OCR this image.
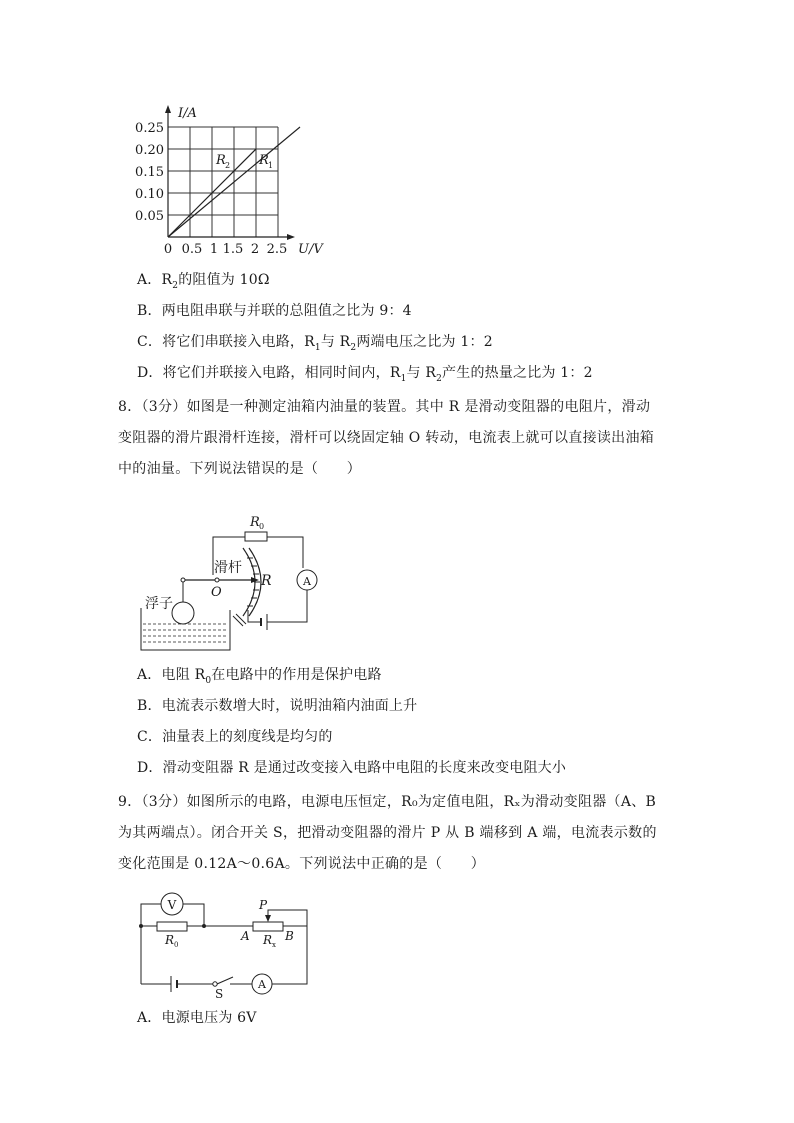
I/A
U/V
0.25
0.20
0.15
0.10
0.05
0 0.5 1 1.5 2 2.5
R 2 R 1
A．$R_2$的阻值为 10Ω
B．两电阻串联与并联的总阻值之比为 9：4
C．将它们串联接入电路，$R_1$与 $R_2$两端电压之比为 1：2
D．将它们并联接入电路，相同时间内，$R_1$与 $R_2$产生的热量之比为 1：2
8．（3分）如图是一种测定油箱内油量的装置。其中 R 是滑动变阻器的电阻片，滑动变阻器的滑片跟滑杆连接，滑杆可以绕固定轴 O 转动，电流表上就可以直接读出油箱中的油量。下列说法错误的是（　　）
R 0
A
滑杆
R
O
浮子
A．电阻 $R_0$在电路中的作用是保护电路
B．电流表示数增大时，说明油箱内油面上升
C．油量表上的刻度线是均匀的
D．滑动变阻器 R 是通过改变接入电路中电阻的长度来改变电阻大小
9．（3分）如图所示的电路，电源电压恒定，R₀为定值电阻，Rₓ为滑动变阻器（A、B 为其两端点）。闭合开关 S，把滑动变阻器的滑片 P 从 B 端移到 A 端，电流表示数的变化范围是 0.12A～0.6A。下列说法中正确的是（　　）
V
A
P
A	B
R 0	R x
S
A．电源电压为 6V
